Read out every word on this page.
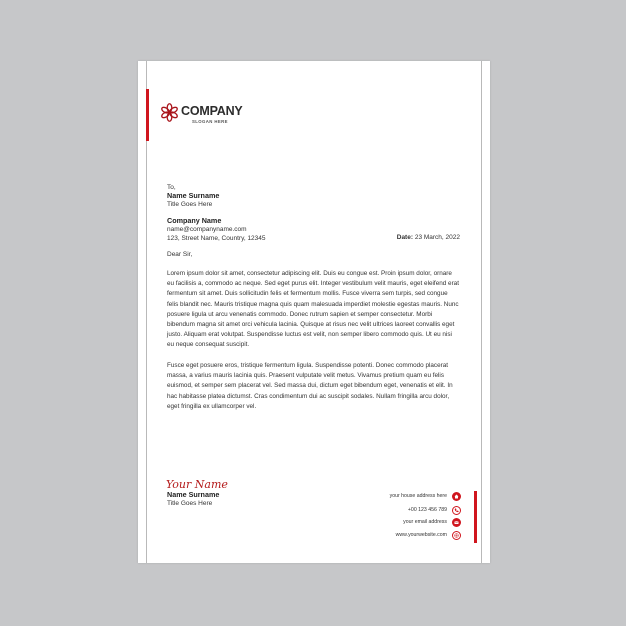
COMPANY
SLOGAN HERE
To,
Name Surname
Title Goes Here
Company Name
name@companyname.com
123, Street Name, Country, 12345	Date: 23 March, 2022
Dear Sir,
Lorem ipsum dolor sit amet, consectetur adipiscing elit. Duis eu congue est. Proin ipsum dolor, ornare eu facilisis a, commodo ac neque. Sed eget purus elit. Integer vestibulum velit mauris, eget eleifend erat fermentum sit amet. Duis sollicitudin felis et fermentum mollis. Fusce viverra sem turpis, sed congue felis blandit nec. Mauris tristique magna quis quam malesuada imperdiet molestie egestas mauris. Nunc posuere ligula ut arcu venenatis commodo. Donec rutrum sapien et semper consectetur. Morbi bibendum magna sit amet orci vehicula lacinia. Quisque at risus nec velit ultrices laoreet convallis eget justo. Aliquam erat volutpat. Suspendisse luctus est velit, non semper libero commodo quis. Ut eu nisi eu neque consequat suscipit.
Fusce eget posuere eros, tristique fermentum ligula. Suspendisse potenti. Donec commodo placerat massa, a varius mauris lacinia quis. Praesent vulputate velit metus. Vivamus pretium quam eu felis euismod, et semper sem placerat vel. Sed massa dui, dictum eget bibendum eget, venenatis et elit. In hac habitasse platea dictumst. Cras condimentum dui ac suscipit sodales. Nullam fringilla arcu dolor, eget fringilla ex ullamcorper vel.
Your Name
Name Surname
Title Goes Here
your house address here
+00 123 456 789
your email address
www.yourwebsite.com
